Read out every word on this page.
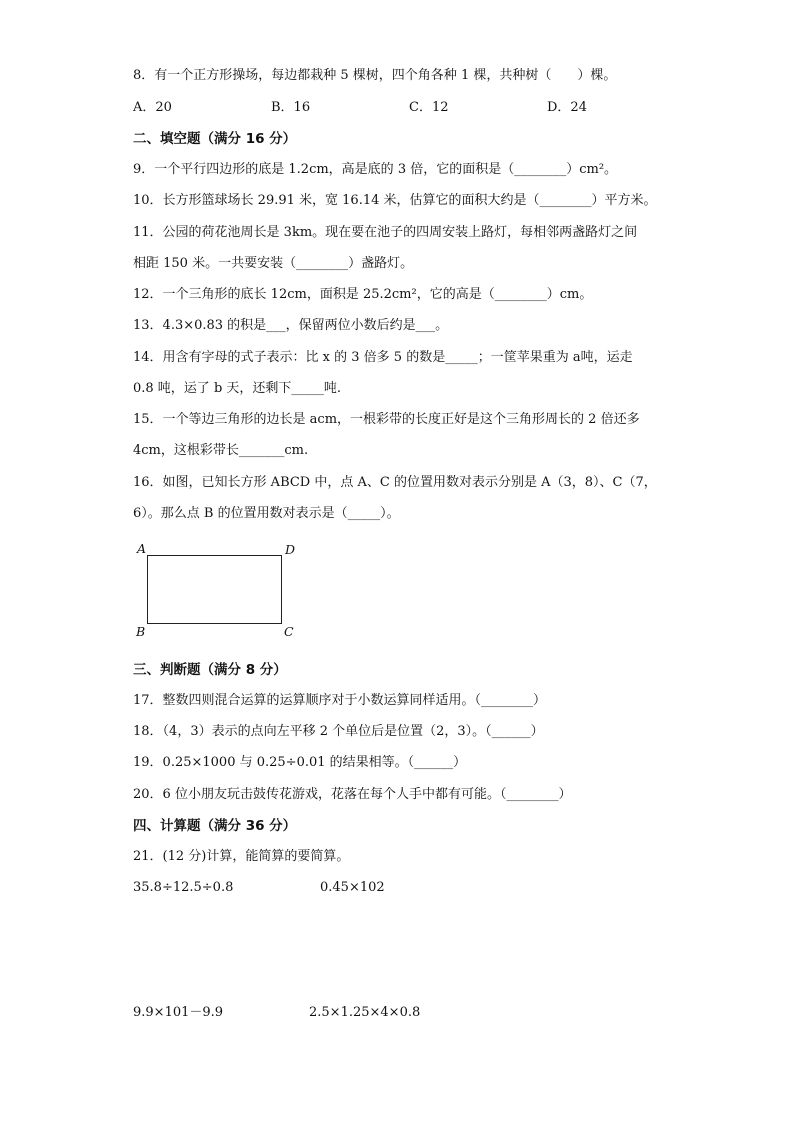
8．有一个正方形操场，每边都栽种 5 棵树，四个角各种 1 棵，共种树（　　）棵。
A．20	B．16	C．12	D．24
二、填空题（满分 16 分）
9．一个平行四边形的底是 1.2cm，高是底的 3 倍，它的面积是（________）cm²。
10．长方形篮球场长 29.91 米，宽 16.14 米，估算它的面积大约是（________）平方米。
11．公园的荷花池周长是 3km。现在要在池子的四周安装上路灯，每相邻两盏路灯之间
相距 150 米。一共要安装（________）盏路灯。
12．一个三角形的底长 12cm，面积是 25.2cm²，它的高是（________）cm。
13．4.3×0.83 的积是___，保留两位小数后约是___。
14．用含有字母的式子表示：比 x 的 3 倍多 5 的数是_____；一筐苹果重为 a吨，运走
0.8 吨，运了 b 天，还剩下_____吨.
15．一个等边三角形的边长是 acm，一根彩带的长度正好是这个三角形周长的 2 倍还多
4cm，这根彩带长_______cm.
16．如图，已知长方形 ABCD 中，点 A、C 的位置用数对表示分别是 A（3，8）、C（7，
6）。那么点 B 的位置用数对表示是（_____）。
A	D
B	C
三、判断题（满分 8 分）
17．整数四则混合运算的运算顺序对于小数运算同样适用。（________）
18．（4，3）表示的点向左平移 2 个单位后是位置（2，3）。（______）
19．0.25×1000 与 0.25÷0.01 的结果相等。（______）
20．6 位小朋友玩击鼓传花游戏，花落在每个人手中都有可能。（________）
四、计算题（满分 36 分）
21．(12 分)计算，能简算的要简算。
35.8÷12.5÷0.8	0.45×102
9.9×101－9.9	2.5×1.25×4×0.8
